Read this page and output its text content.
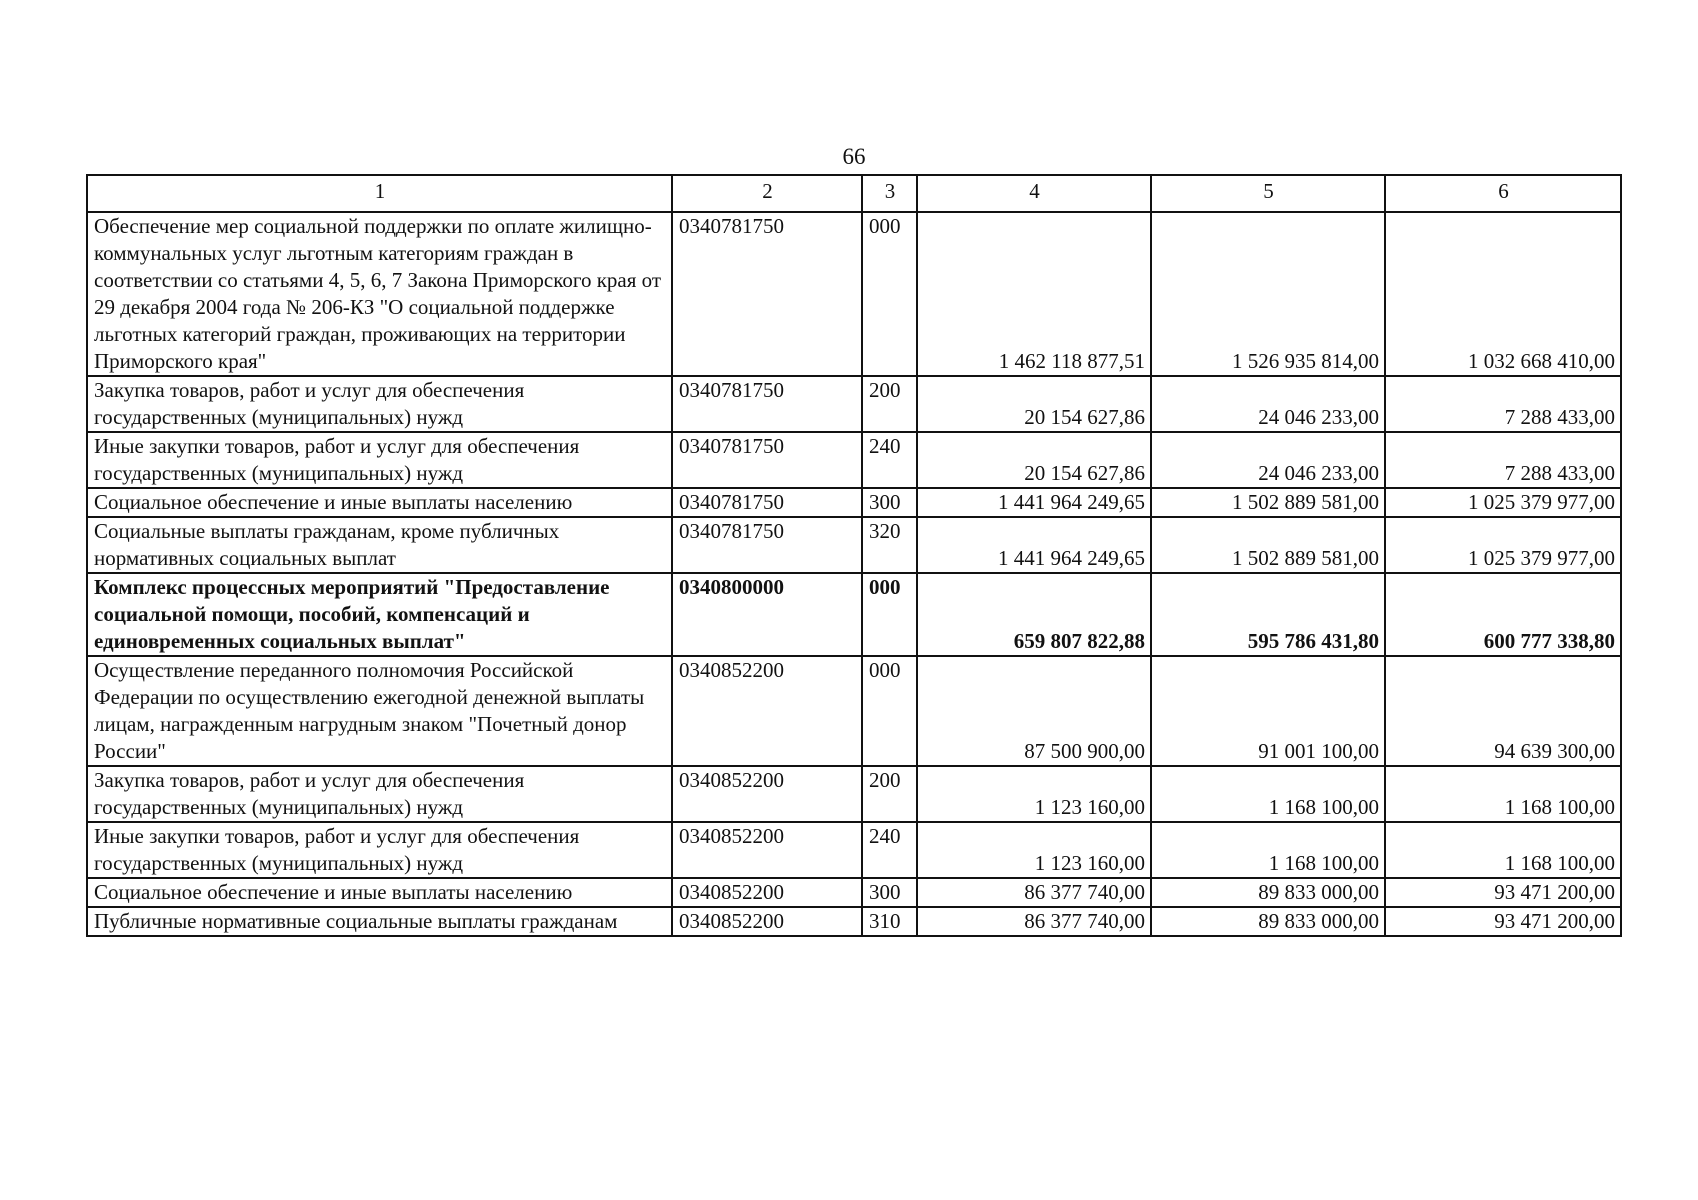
66
1	2	3	4	5	6
Обеспечение мер социальной поддержки по оплате жилищно-коммунальных услуг льготным категориям граждан в соответствии со статьями 4, 5, 6, 7 Закона Приморского края от 29 декабря 2004 года № 206-КЗ "О социальной поддержке льготных категорий граждан, проживающих на территории Приморского края"	0340781750	000	1 462 118 877,51	1 526 935 814,00	1 032 668 410,00
Закупка товаров, работ и услуг для обеспечения государственных (муниципальных) нужд	0340781750	200	20 154 627,86	24 046 233,00	7 288 433,00
Иные закупки товаров, работ и услуг для обеспечения государственных (муниципальных) нужд	0340781750	240	20 154 627,86	24 046 233,00	7 288 433,00
Социальное обеспечение и иные выплаты населению	0340781750	300	1 441 964 249,65	1 502 889 581,00	1 025 379 977,00
Социальные выплаты гражданам, кроме публичных нормативных социальных выплат	0340781750	320	1 441 964 249,65	1 502 889 581,00	1 025 379 977,00
Комплекс процессных мероприятий "Предоставление социальной помощи, пособий, компенсаций и единовременных социальных выплат"	0340800000	000	659 807 822,88	595 786 431,80	600 777 338,80
Осуществление переданного полномочия Российской Федерации по осуществлению ежегодной денежной выплаты лицам, награжденным нагрудным знаком "Почетный донор России"	0340852200	000	87 500 900,00	91 001 100,00	94 639 300,00
Закупка товаров, работ и услуг для обеспечения государственных (муниципальных) нужд	0340852200	200	1 123 160,00	1 168 100,00	1 168 100,00
Иные закупки товаров, работ и услуг для обеспечения государственных (муниципальных) нужд	0340852200	240	1 123 160,00	1 168 100,00	1 168 100,00
Социальное обеспечение и иные выплаты населению	0340852200	300	86 377 740,00	89 833 000,00	93 471 200,00
Публичные нормативные социальные выплаты гражданам	0340852200	310	86 377 740,00	89 833 000,00	93 471 200,00
